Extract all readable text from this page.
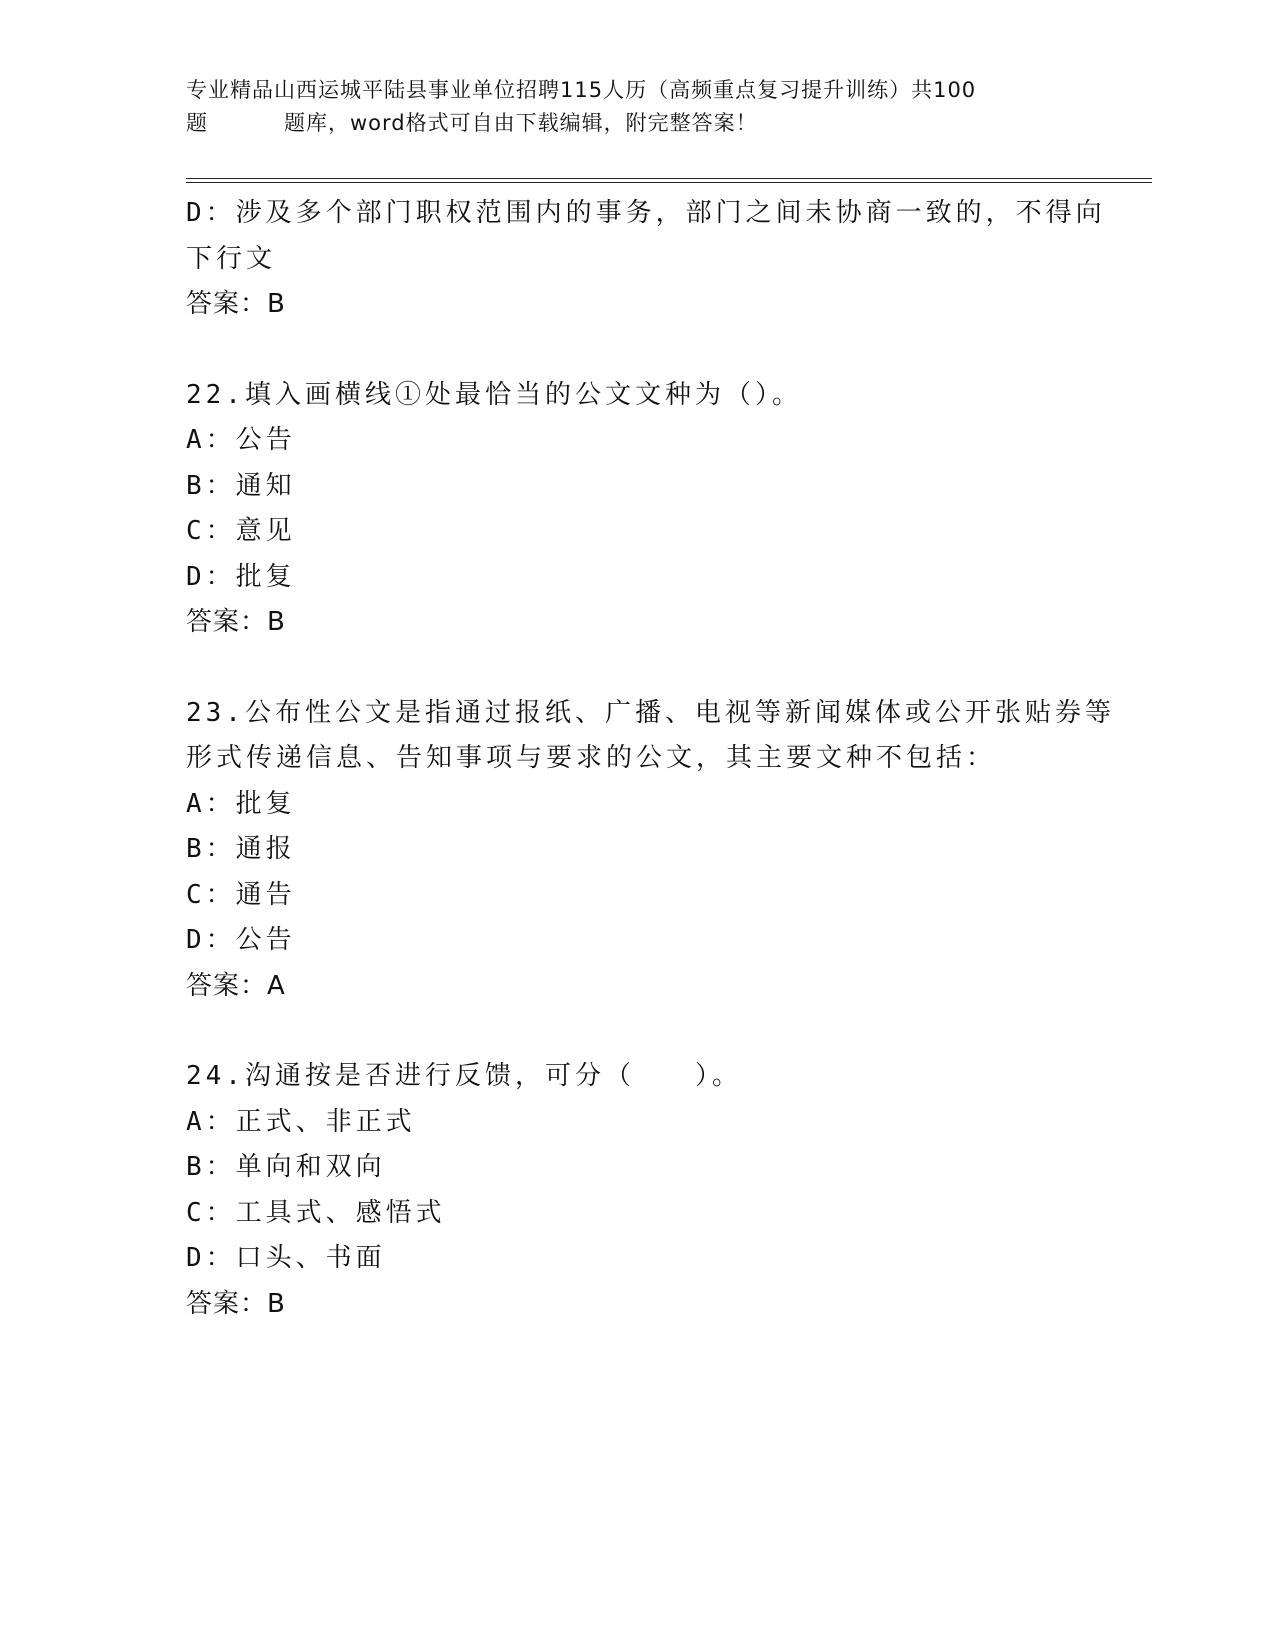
专业精品山西运城平陆县事业单位招聘115人历（高频重点复习提升训练）共100
题	题库，word格式可自由下载编辑，附完整答案！
D：涉及多个部门职权范围内的事务，部门之间未协商一致的，不得向
下行文
答案：B
22.填入画横线①处最恰当的公文文种为（）。
A：公告
B：通知
C：意见
D：批复
答案：B
23.公布性公文是指通过报纸、广播、电视等新闻媒体或公开张贴券等
形式传递信息、告知事项与要求的公文，其主要文种不包括：
A：批复
B：通报
C：通告
D：公告
答案：A
24.沟通按是否进行反馈，可分（　　）。
A：正式、非正式
B：单向和双向
C：工具式、感悟式
D：口头、书面
答案：B
